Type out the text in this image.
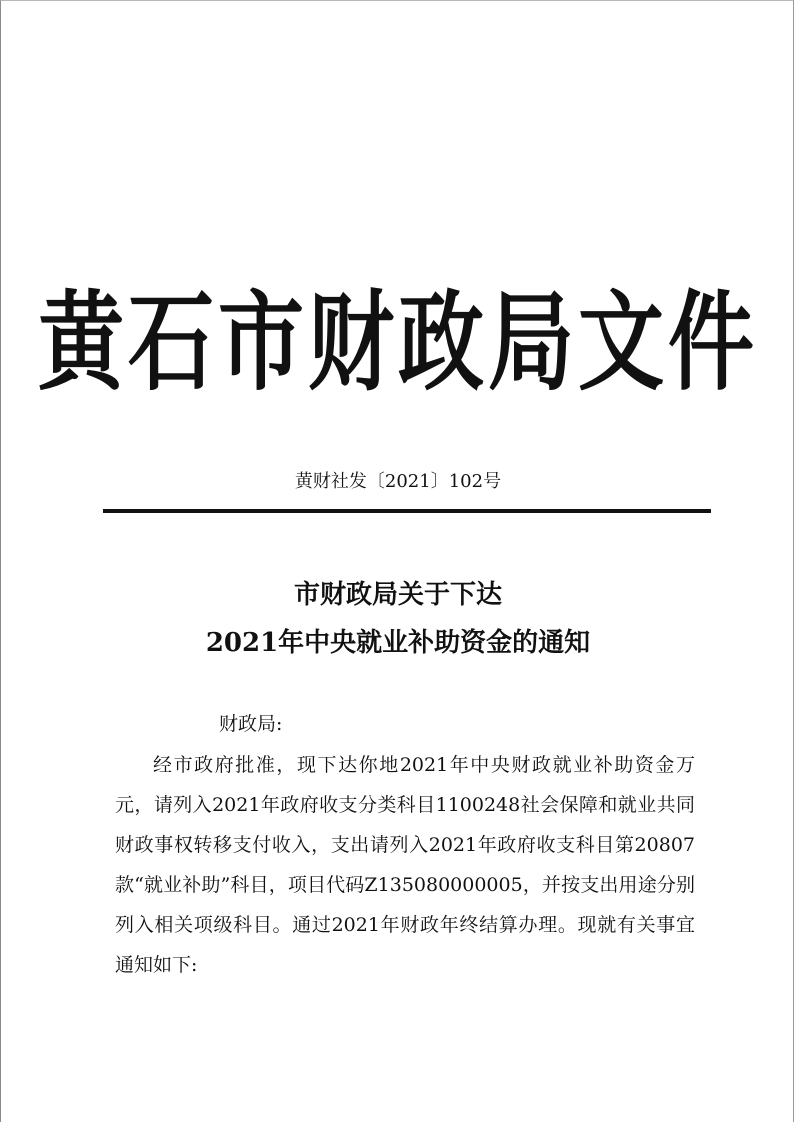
黄石市财政局文件
黄财社发〔2021〕102号
市财政局关于下达
2021年中央就业补助资金的通知
财政局:

经市政府批准，现下达你地2021年中央财政就业补助资金万元，请列入2021年政府收支分类科目1100248社会保障和就业共同财政事权转移支付收入，支出请列入2021年政府收支科目第20807款“就业补助”科目，项目代码Z135080000005，并按支出用途分别列入相关项级科目。通过2021年财政年终结算办理。现就有关事宜通知如下:
